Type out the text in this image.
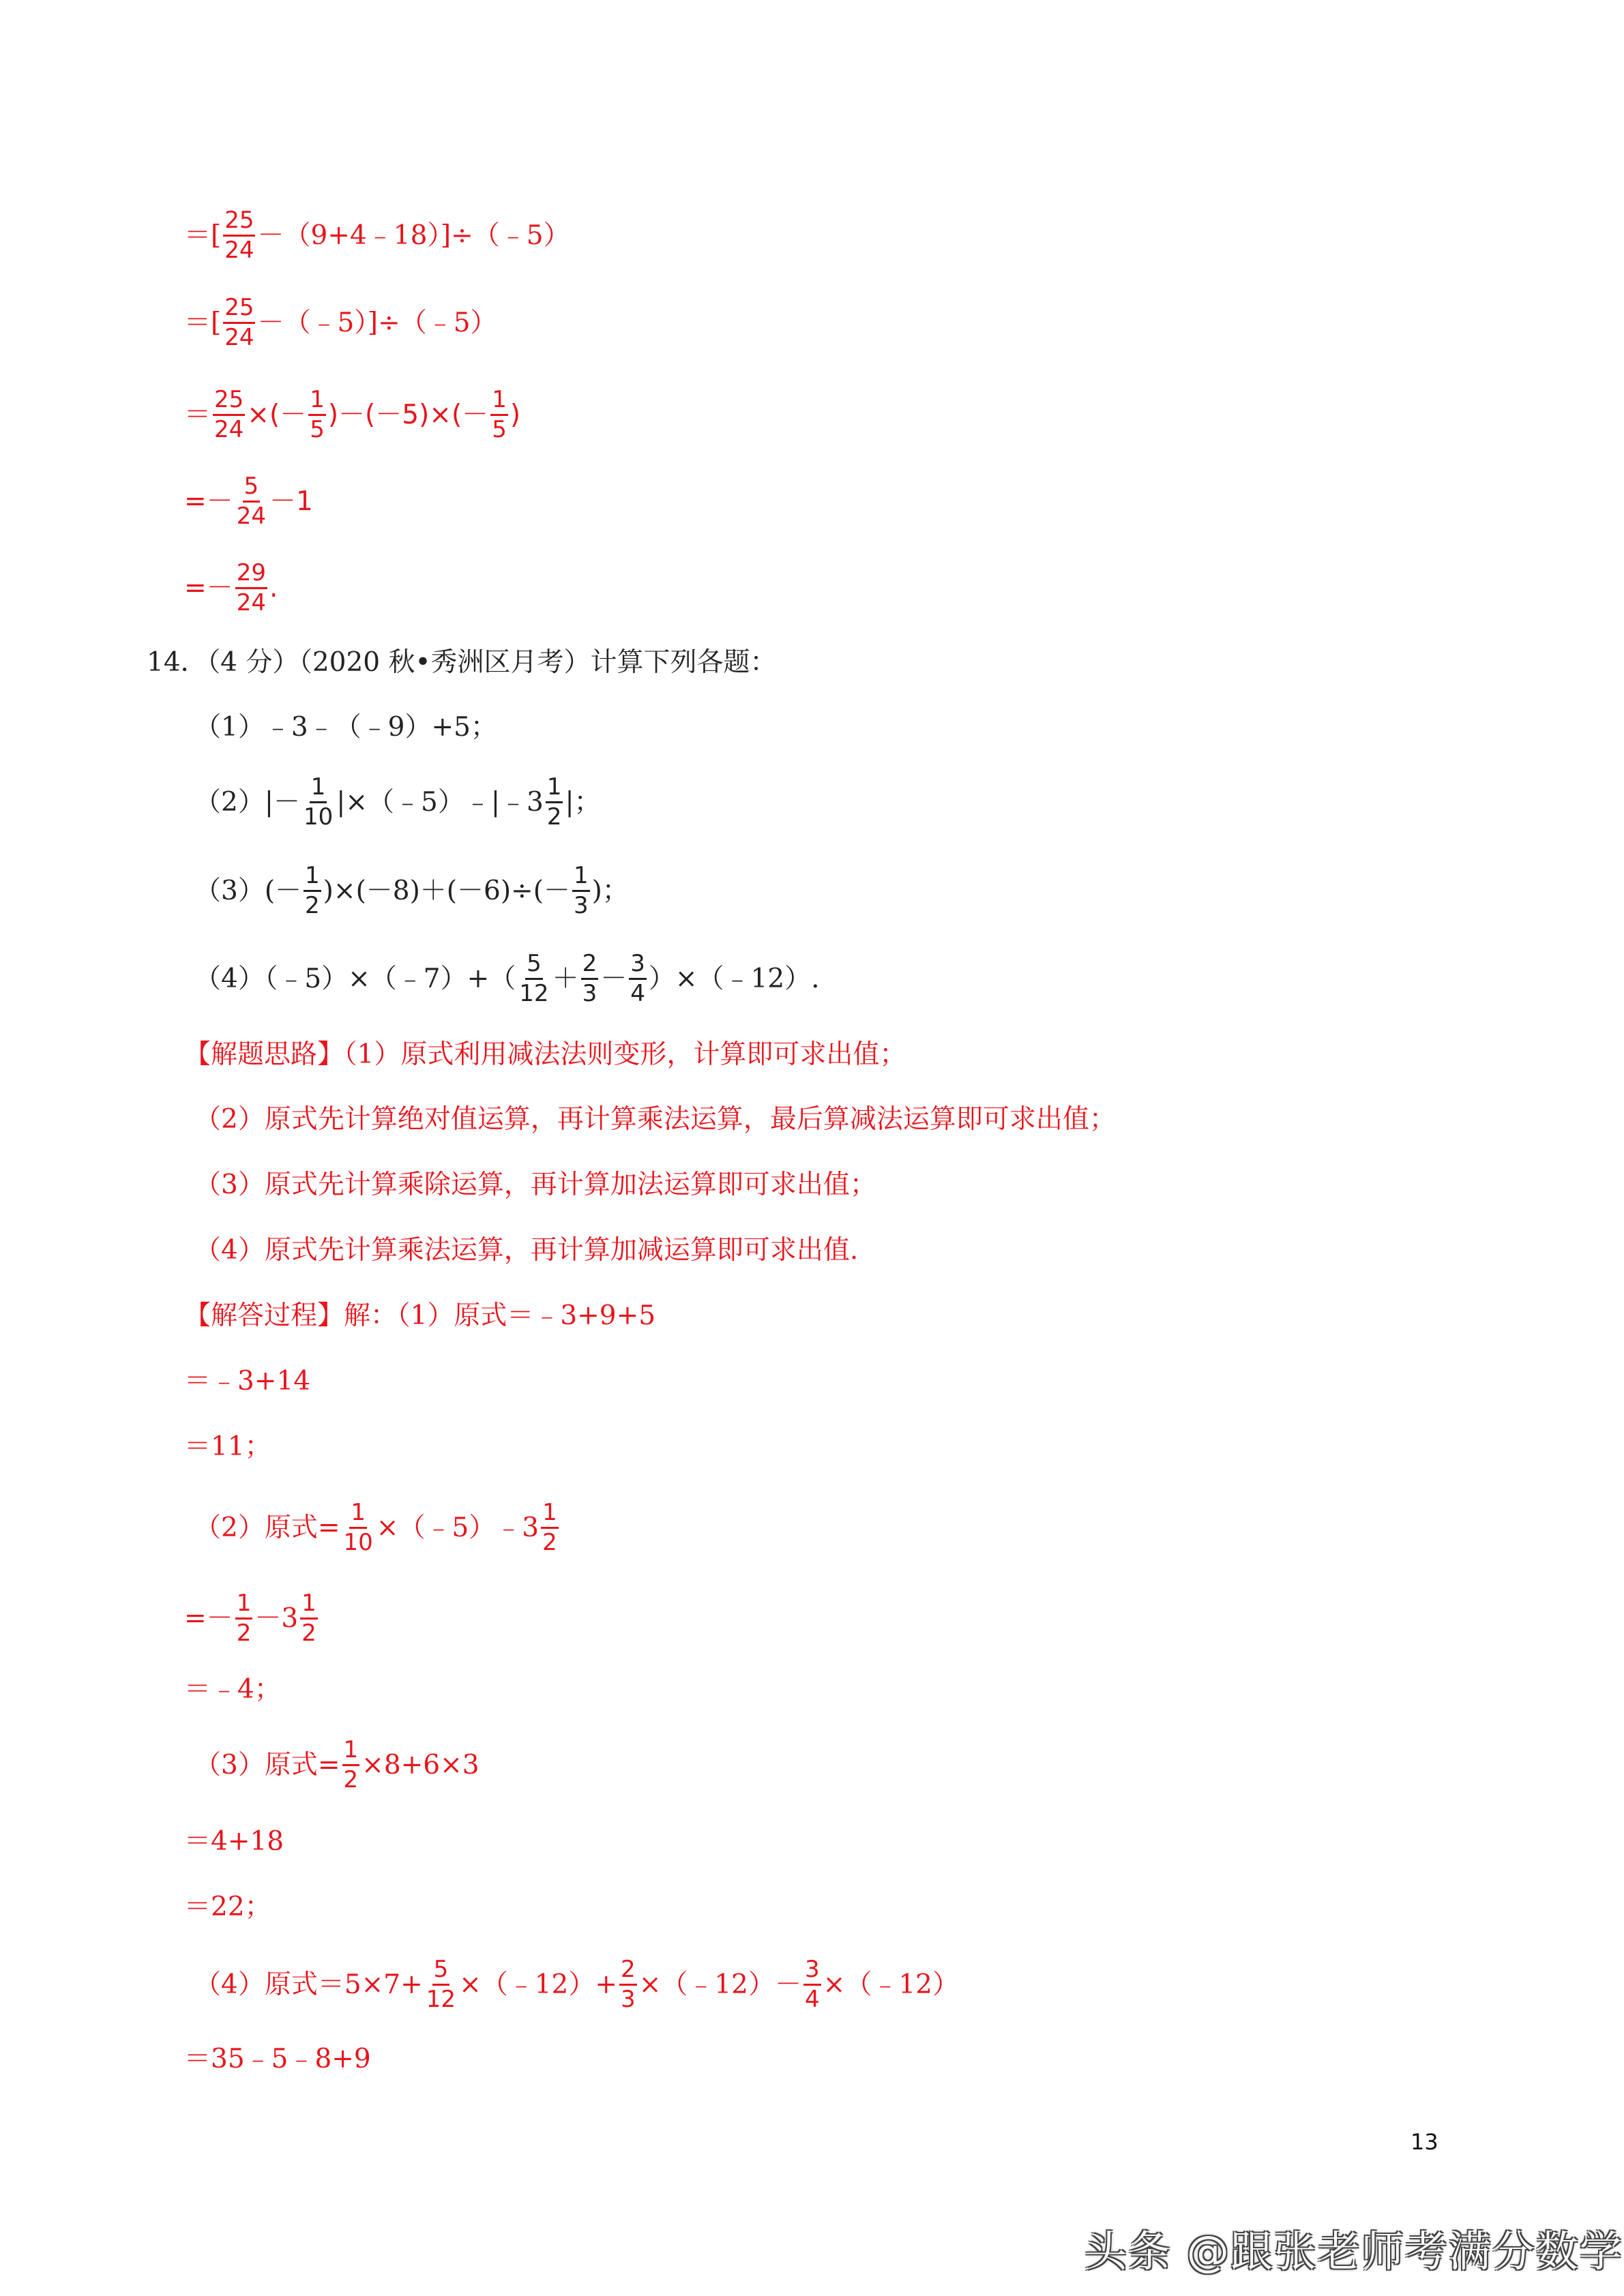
＝[ $\frac{25}{24}$ －（9+4﹣18）]÷（﹣5）
＝[ $\frac{25}{24}$ －（﹣5）]÷（﹣5）
＝ $\frac{25}{24}$ ×(－ $\frac{1}{5} )-(-5)\times(- \frac{1}{5}$ )
=－ $\frac{5}{24} -1$
=－ $\frac{29}{24}$ .
14．（4 分）（2020 秋•秀洲区月考）计算下列各题：
（1）﹣3﹣（﹣9）+5；
$(2)|- \frac{1}{10}$ |×（﹣5）﹣|﹣3 $\frac{1}{2}$ |；
$(3)(- \frac{1}{2} )\times(-8)+(-6)\div(- \frac{1}{3}$ )；
（4）（﹣5）×（﹣7）+（ $\frac{5}{12} + \frac{2}{3} - \frac{3}{4}$ ）×（﹣12）.
【解题思路】（1）原式利用减法法则变形，计算即可求出值；
（2）原式先计算绝对值运算，再计算乘法运算，最后算减法运算即可求出值；
（3）原式先计算乘除运算，再计算加法运算即可求出值；
（4）原式先计算乘法运算，再计算加减运算即可求出值.
【解答过程】解：（1）原式＝﹣3+9+5
＝﹣3+14
＝11；
（2）原式= $\frac{1}{10}$ ×（﹣5）﹣3 $\frac{1}{2}$
=－ $\frac{1}{2} -3 \frac{1}{2}$
＝﹣4；
（3）原式= $\frac{1}{2} \times 8+6\times 3$
＝4+18
＝22；
（4）原式$=5\times 7+ \frac{5}{12}$ ×（﹣12）+ $\frac{2}{3}$ ×（﹣12）－ $\frac{3}{4}$ ×（﹣12）
＝35﹣5﹣8+9
13
头条 @跟张老师考满分数学
